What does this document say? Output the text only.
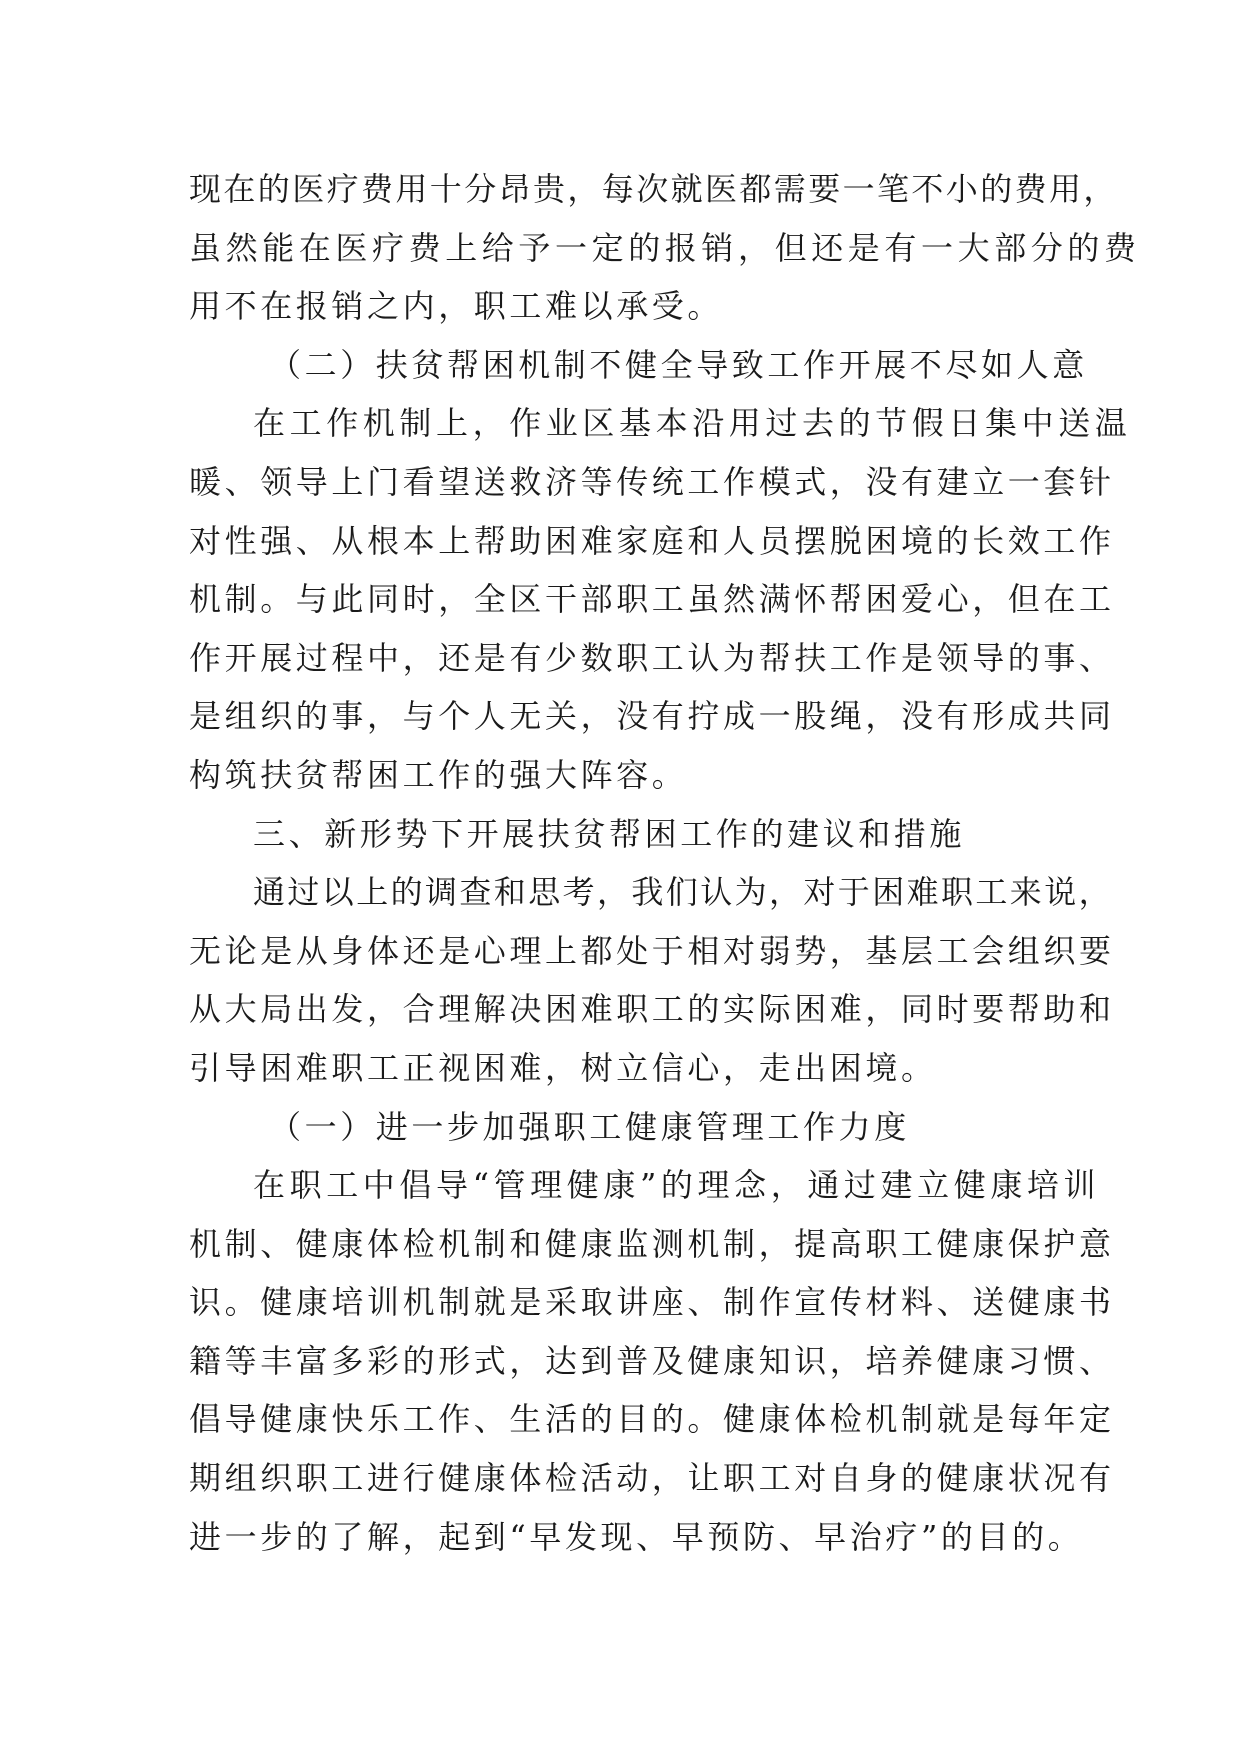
现在的医疗费用十分昂贵，每次就医都需要一笔不小的费用，
虽然能在医疗费上给予一定的报销，但还是有一大部分的费
用不在报销之内，职工难以承受。
（二）扶贫帮困机制不健全导致工作开展不尽如人意
在工作机制上，作业区基本沿用过去的节假日集中送温
暖、领导上门看望送救济等传统工作模式，没有建立一套针
对性强、从根本上帮助困难家庭和人员摆脱困境的长效工作
机制。与此同时，全区干部职工虽然满怀帮困爱心，但在工
作开展过程中，还是有少数职工认为帮扶工作是领导的事、
是组织的事，与个人无关，没有拧成一股绳，没有形成共同
构筑扶贫帮困工作的强大阵容。
三、新形势下开展扶贫帮困工作的建议和措施
通过以上的调查和思考，我们认为，对于困难职工来说，
无论是从身体还是心理上都处于相对弱势，基层工会组织要
从大局出发，合理解决困难职工的实际困难，同时要帮助和
引导困难职工正视困难，树立信心，走出困境。
（一）进一步加强职工健康管理工作力度
在职工中倡导“管理健康”的理念，通过建立健康培训
机制、健康体检机制和健康监测机制，提高职工健康保护意
识。健康培训机制就是采取讲座、制作宣传材料、送健康书
籍等丰富多彩的形式，达到普及健康知识，培养健康习惯、
倡导健康快乐工作、生活的目的。健康体检机制就是每年定
期组织职工进行健康体检活动，让职工对自身的健康状况有
进一步的了解，起到“早发现、早预防、早治疗”的目的。
